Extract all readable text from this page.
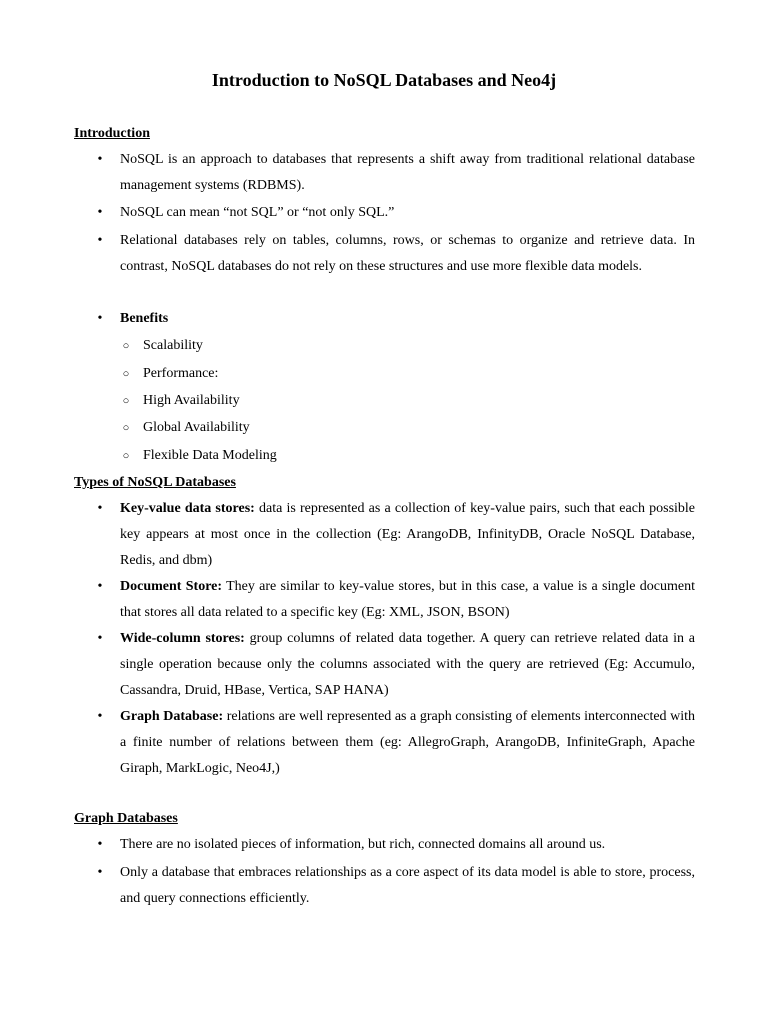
Introduction to NoSQL Databases and Neo4j
Introduction
• NoSQL is an approach to databases that represents a shift away from traditional relational database management systems (RDBMS).
• NoSQL can mean “not SQL” or “not only SQL.”
• Relational databases rely on tables, columns, rows, or schemas to organize and retrieve data. In contrast, NoSQL databases do not rely on these structures and use more flexible data models.
• Benefits
○ Scalability
○ Performance:
○ High Availability
○ Global Availability
○ Flexible Data Modeling
Types of NoSQL Databases
• Key-value data stores: data is represented as a collection of key-value pairs, such that each possible key appears at most once in the collection (Eg: ArangoDB, InfinityDB, Oracle NoSQL Database, Redis, and dbm)
• Document Store: They are similar to key-value stores, but in this case, a value is a single document that stores all data related to a specific key (Eg: XML, JSON, BSON)
• Wide-column stores: group columns of related data together. A query can retrieve related data in a single operation because only the columns associated with the query are retrieved (Eg: Accumulo, Cassandra, Druid, HBase, Vertica, SAP HANA)
• Graph Database: relations are well represented as a graph consisting of elements interconnected with a finite number of relations between them (eg: AllegroGraph, ArangoDB, InfiniteGraph, Apache Giraph, MarkLogic, Neo4J,)
Graph Databases
• There are no isolated pieces of information, but rich, connected domains all around us.
• Only a database that embraces relationships as a core aspect of its data model is able to store, process, and query connections efficiently.
